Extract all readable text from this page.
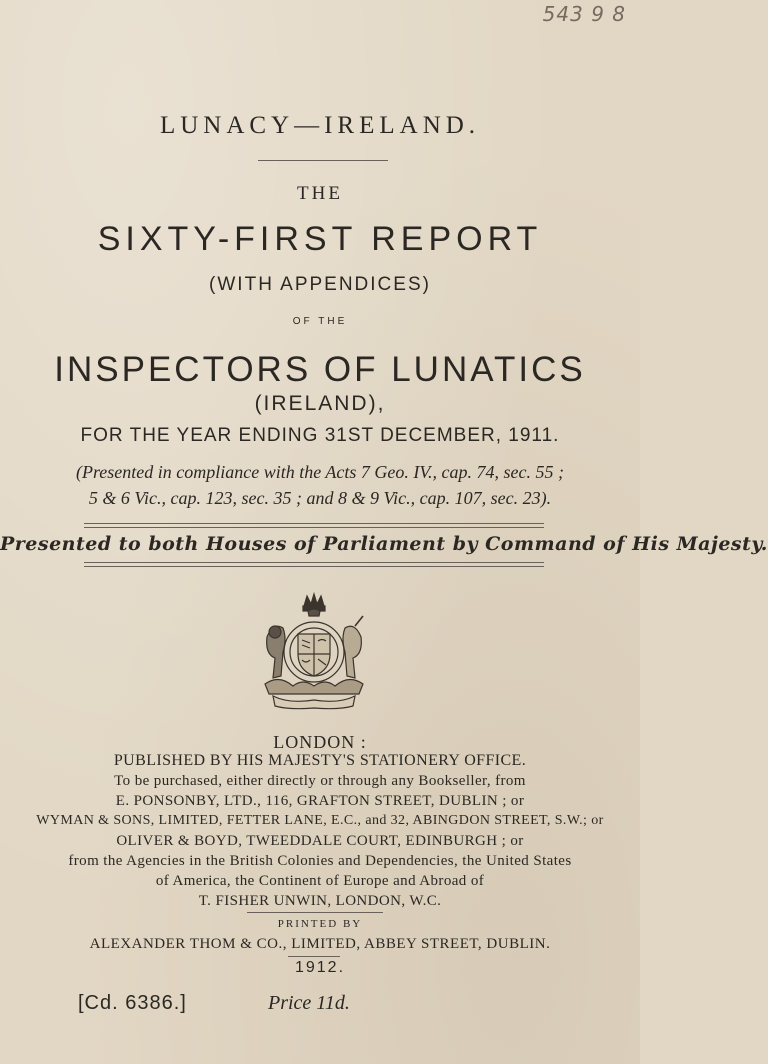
543 9 8
LUNACY—IRELAND.
THE
SIXTY-FIRST REPORT
(WITH APPENDICES)
OF THE
INSPECTORS OF LUNATICS
(IRELAND),
FOR THE YEAR ENDING 31ST DECEMBER, 1911.
(Presented in compliance with the Acts 7 Geo. IV., cap. 74, sec. 55 ;
5 & 6 Vic., cap. 123, sec. 35 ; and 8 & 9 Vic., cap. 107, sec. 23).
Presented to both Houses of Parliament by Command of His Majesty.
LONDON :
PUBLISHED BY HIS MAJESTY'S STATIONERY OFFICE.
To be purchased, either directly or through any Bookseller, from
E. PONSONBY, LTD., 116, GRAFTON STREET, DUBLIN ; or
WYMAN & SONS, LIMITED, FETTER LANE, E.C., and 32, ABINGDON STREET, S.W.; or
OLIVER & BOYD, TWEEDDALE COURT, EDINBURGH ; or
from the Agencies in the British Colonies and Dependencies, the United States
of America, the Continent of Europe and Abroad of
T. FISHER UNWIN, LONDON, W.C.
PRINTED BY
ALEXANDER THOM & CO., LIMITED, ABBEY STREET, DUBLIN.
1912.
[Cd. 6386.]	Price 11d.
